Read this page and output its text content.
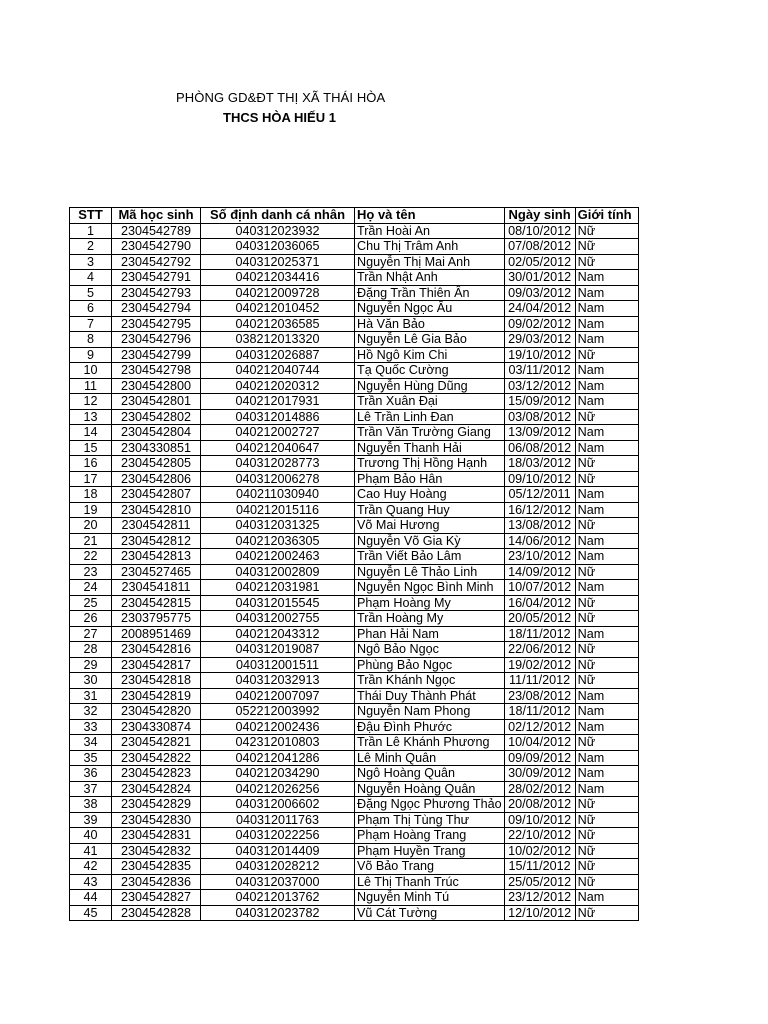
PHÒNG GD&ĐT THỊ XÃ THÁI HÒA
THCS HÒA HIẾU 1
STT	Mã học sinh	Số định danh cá nhân	Họ và tên	Ngày sinh	Giới tính
1	2304542789	040312023932	Trần Hoài An	08/10/2012	Nữ
2	2304542790	040312036065	Chu Thị Trâm Anh	07/08/2012	Nữ
3	2304542792	040312025371	Nguyễn Thị Mai Anh	02/05/2012	Nữ
4	2304542791	040212034416	Trần Nhật Anh	30/01/2012	Nam
5	2304542793	040212009728	Đặng Trần Thiên Ân	09/03/2012	Nam
6	2304542794	040212010452	Nguyễn Ngọc Âu	24/04/2012	Nam
7	2304542795	040212036585	Hà Văn Bảo	09/02/2012	Nam
8	2304542796	038212013320	Nguyễn Lê Gia Bảo	29/03/2012	Nam
9	2304542799	040312026887	Hồ Ngô Kim Chi	19/10/2012	Nữ
10	2304542798	040212040744	Tạ Quốc Cường	03/11/2012	Nam
11	2304542800	040212020312	Nguyễn Hùng Dũng	03/12/2012	Nam
12	2304542801	040212017931	Trần Xuân Đại	15/09/2012	Nam
13	2304542802	040312014886	Lê Trần Linh Đan	03/08/2012	Nữ
14	2304542804	040212002727	Trần Văn Trường Giang	13/09/2012	Nam
15	2304330851	040212040647	Nguyễn Thanh Hải	06/08/2012	Nam
16	2304542805	040312028773	Trương Thị Hồng Hạnh	18/03/2012	Nữ
17	2304542806	040312006278	Phạm Bảo Hân	09/10/2012	Nữ
18	2304542807	040211030940	Cao Huy Hoàng	05/12/2011	Nam
19	2304542810	040212015116	Trần Quang Huy	16/12/2012	Nam
20	2304542811	040312031325	Võ Mai Hương	13/08/2012	Nữ
21	2304542812	040212036305	Nguyễn Võ Gia Kỳ	14/06/2012	Nam
22	2304542813	040212002463	Trần Viết Bảo Lâm	23/10/2012	Nam
23	2304527465	040312002809	Nguyễn Lê Thảo Linh	14/09/2012	Nữ
24	2304541811	040212031981	Nguyễn Ngọc Bình Minh	10/07/2012	Nam
25	2304542815	040312015545	Phạm Hoàng My	16/04/2012	Nữ
26	2303795775	040312002755	Trần Hoàng My	20/05/2012	Nữ
27	2008951469	040212043312	Phan Hải Nam	18/11/2012	Nam
28	2304542816	040312019087	Ngô Bảo Ngọc	22/06/2012	Nữ
29	2304542817	040312001511	Phùng Bảo Ngọc	19/02/2012	Nữ
30	2304542818	040312032913	Trần Khánh Ngọc	11/11/2012	Nữ
31	2304542819	040212007097	Thái Duy Thành Phát	23/08/2012	Nam
32	2304542820	052212003992	Nguyễn Nam Phong	18/11/2012	Nam
33	2304330874	040212002436	Đậu Đình Phước	02/12/2012	Nam
34	2304542821	042312010803	Trần Lê Khánh Phương	10/04/2012	Nữ
35	2304542822	040212041286	Lê Minh Quân	09/09/2012	Nam
36	2304542823	040212034290	Ngô Hoàng Quân	30/09/2012	Nam
37	2304542824	040212026256	Nguyễn Hoàng Quân	28/02/2012	Nam
38	2304542829	040312006602	Đặng Ngọc Phương Thảo	20/08/2012	Nữ
39	2304542830	040312011763	Phạm Thị Tùng Thư	09/10/2012	Nữ
40	2304542831	040312022256	Phạm Hoàng Trang	22/10/2012	Nữ
41	2304542832	040312014409	Phạm Huyền Trang	10/02/2012	Nữ
42	2304542835	040312028212	Võ Bảo Trang	15/11/2012	Nữ
43	2304542836	040312037000	Lê Thị Thanh Trúc	25/05/2012	Nữ
44	2304542827	040212013762	Nguyễn Minh Tú	23/12/2012	Nam
45	2304542828	040312023782	Vũ Cát Tường	12/10/2012	Nữ
